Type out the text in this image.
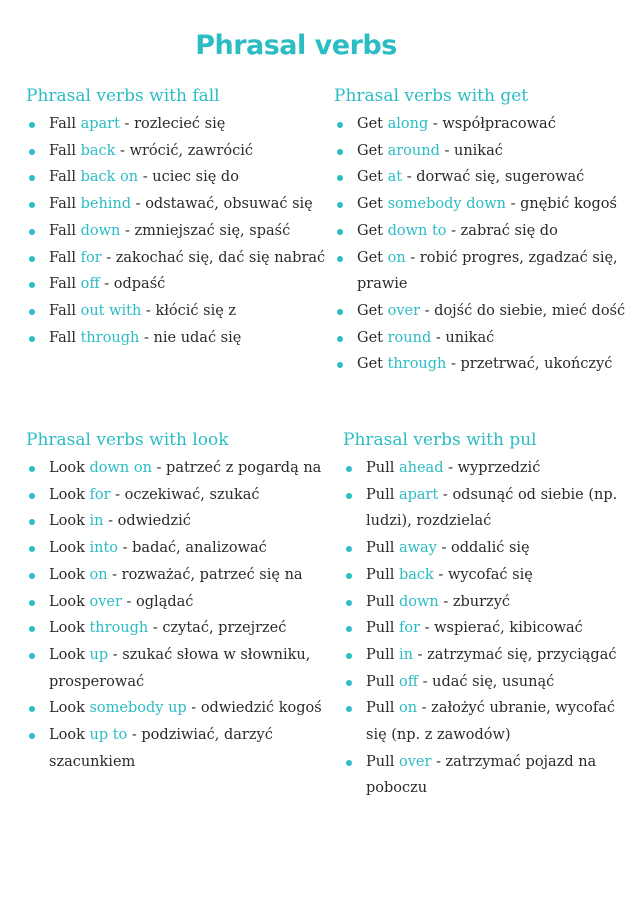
Phrasal verbs
Phrasal verbs with fall
Fall apart - rozlecieć się
Fall back - wrócić, zawrócić
Fall back on - uciec się do
Fall behind - odstawać, obsuwać się
Fall down - zmniejszać się, spaść
Fall for - zakochać się, dać się nabrać
Fall off - odpaść
Fall out with - kłócić się z
Fall through - nie udać się
Phrasal verbs with get
Get along - współpracować
Get around - unikać
Get at - dorwać się, sugerować
Get somebody down - gnębić kogoś
Get down to - zabrać się do
Get on - robić progres, zgadzać się, prawie
Get over - dojść do siebie, mieć dość
Get round - unikać
Get through - przetrwać, ukończyć
Phrasal verbs with look
Look down on - patrzeć z pogardą na
Look for - oczekiwać, szukać
Look in - odwiedzić
Look into - badać, analizować
Look on - rozważać, patrzeć się na
Look over - oglądać
Look through - czytać, przejrzeć
Look up - szukać słowa w słowniku, prosperować
Look somebody up - odwiedzić kogoś
Look up to - podziwiać, darzyć szacunkiem
Phrasal verbs with pul
Pull ahead - wyprzedzić
Pull apart - odsunąć od siebie (np. ludzi), rozdzielać
Pull away - oddalić się
Pull back - wycofać się
Pull down - zburzyć
Pull for - wspierać, kibicować
Pull in - zatrzymać się, przyciągać
Pull off - udać się, usunąć
Pull on - założyć ubranie, wycofać się (np. z zawodów)
Pull over - zatrzymać pojazd na poboczu
